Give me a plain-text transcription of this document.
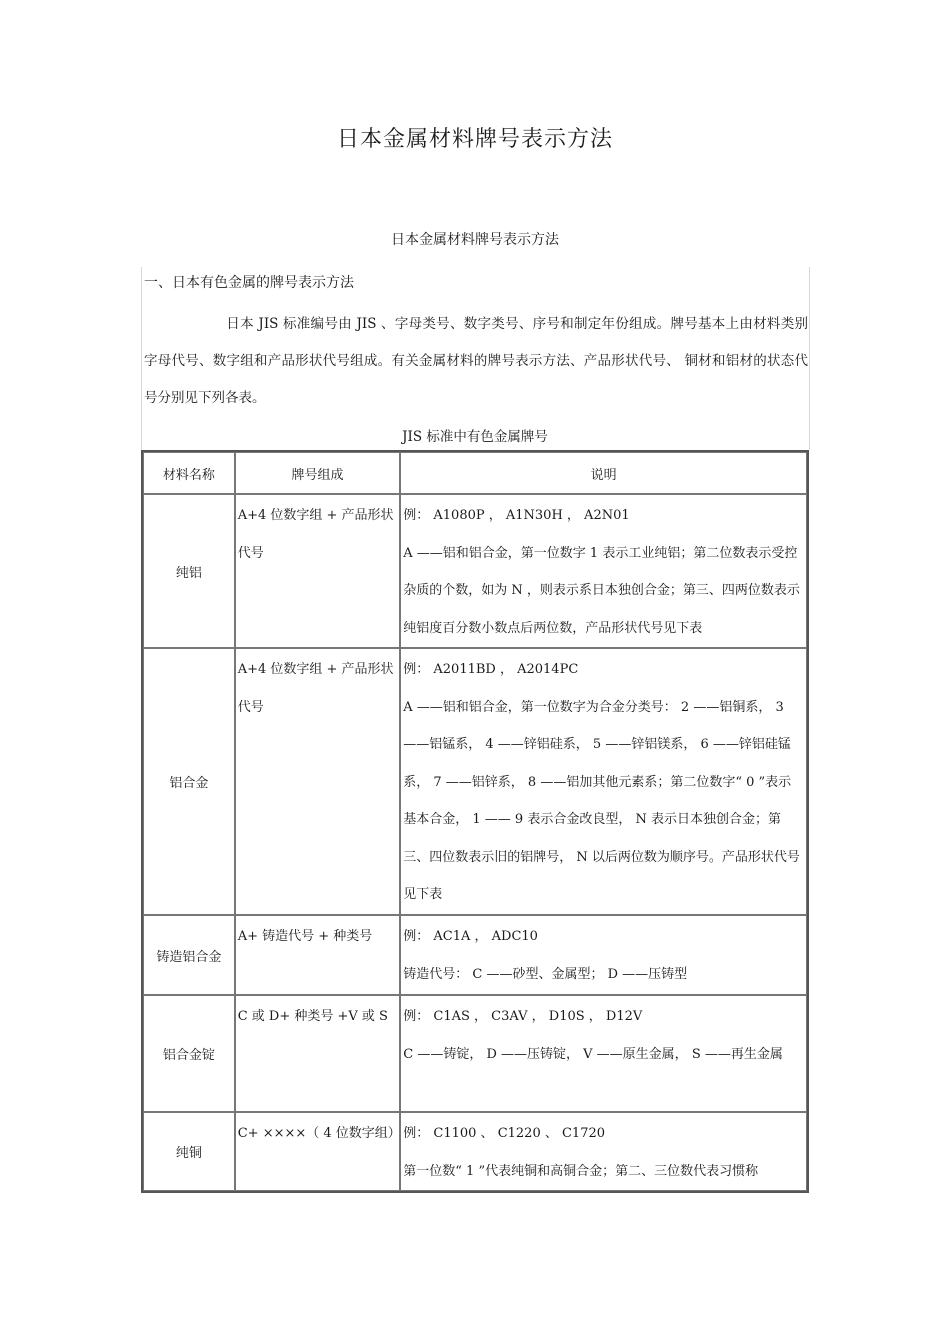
日本金属材料牌号表示方法
日本金属材料牌号表示方法
一、日本有色金属的牌号表示方法
日本 JIS 标准编号由 JIS 、字母类号、数字类号、序号和制定年份组成。牌号基本上由材料类别字母代号、数字组和产品形状代号组成。有关金属材料的牌号表示方法、产品形状代号、 铜材和铝材的状态代号分别见下列各表。
JIS 标准中有色金属牌号
材料名称	牌号组成	说明
纯铝	A+4 位数字组 + 产品形状代号	例： A1080P ， A1N30H ， A2N01
A ——铝和铝合金，第一位数字 1 表示工业纯铝；第二位数表示受控杂质的个数，如为 N ，则表示系日本独创合金；第三、四两位数表示纯铝度百分数小数点后两位数，产品形状代号见下表

铝合金	A+4 位数字组 + 产品形状代号	例： A2011BD ， A2014PC
A ——铝和铝合金，第一位数字为合金分类号： 2 ——铝铜系， 3 ——铝锰系， 4 ——锌铝硅系， 5 ——锌铝镁系， 6 ——锌铝硅锰系， 7 ——铝锌系， 8 ——铝加其他元素系；第二位数字“ 0 ”表示基本合金， 1 —— 9 表示合金改良型， N 表示日本独创合金；第三、四位数表示旧的铝牌号， N 以后两位数为顺序号。产品形状代号见下表

铸造铝合金	A+ 铸造代号 + 种类号	例： AC1A ， ADC10
铸造代号： C ——砂型、金属型； D ——压铸型

铝合金锭	C 或 D+ 种类号 +V 或 S	例： C1AS ， C3AV ， D10S ， D12V
C ——铸锭， D ——压铸锭， V ——原生金属， S ——再生金属

纯铜	C+ ××××（ 4 位数字组）	例： C1100 、 C1220 、 C1720
第一位数“ 1 ”代表纯铜和高铜合金；第二、三位数代表习惯称
